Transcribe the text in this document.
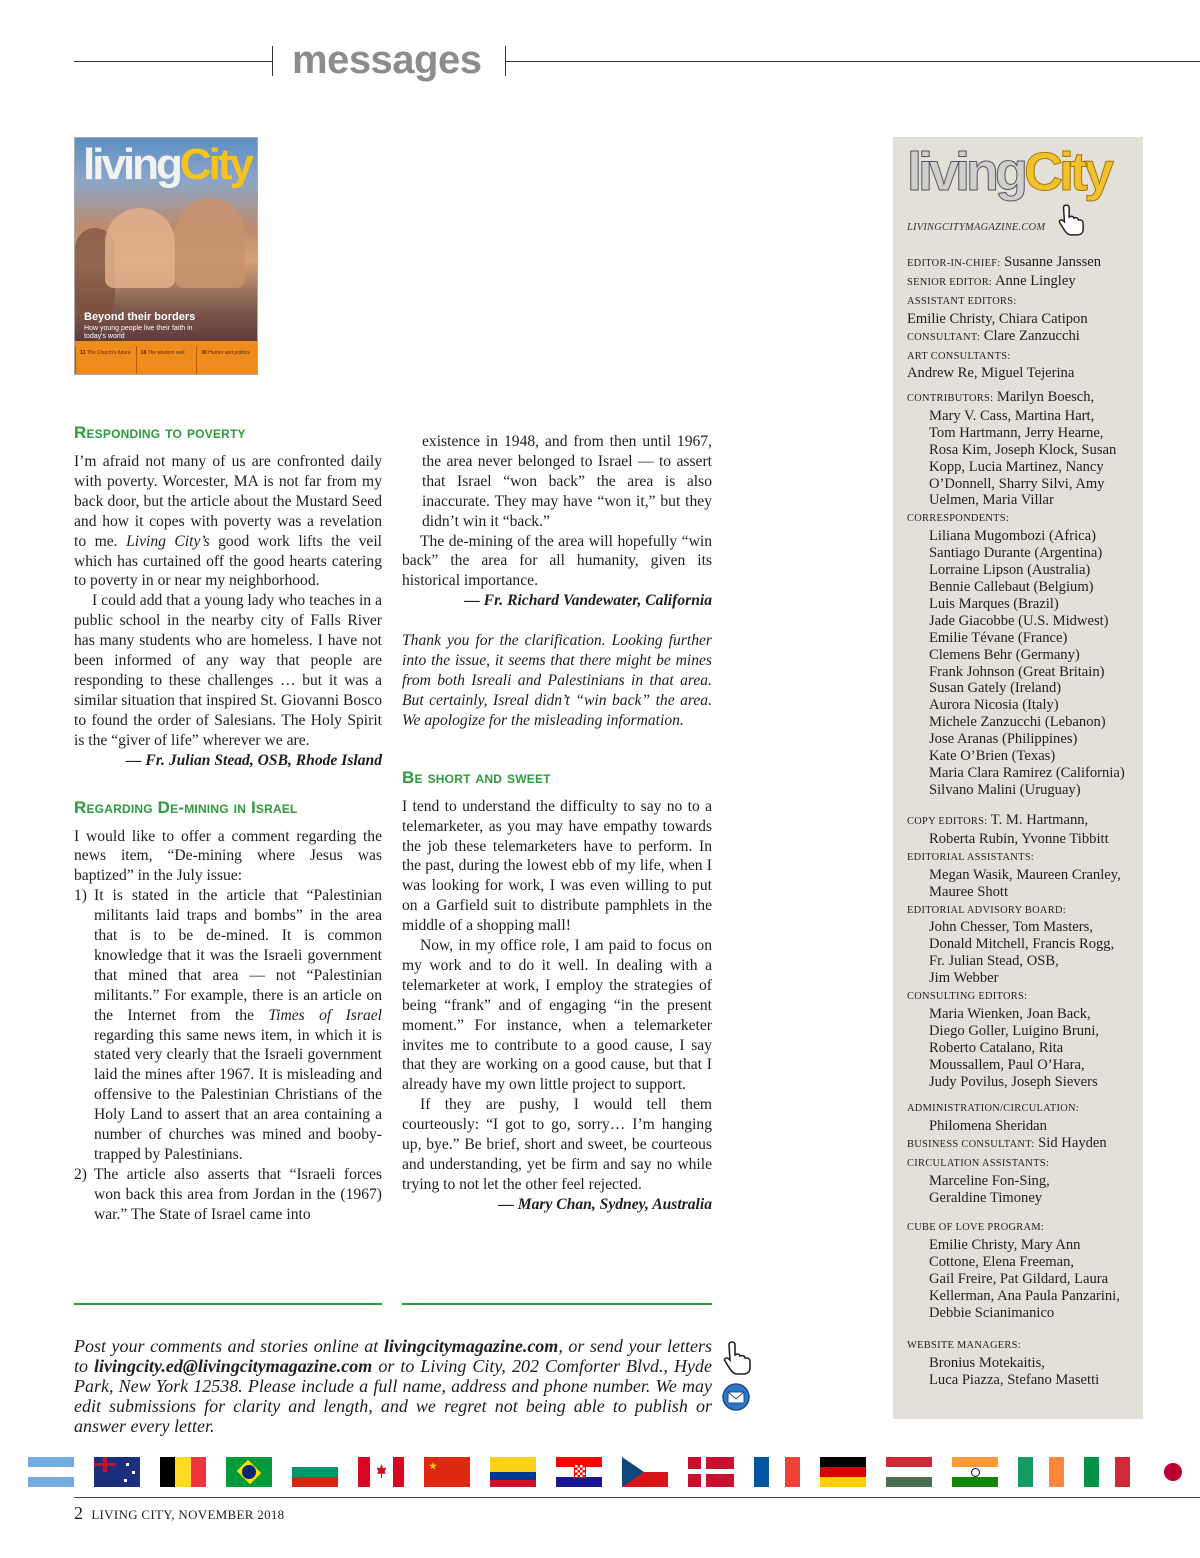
messages
livingCity
Beyond their borders
How young people live their faith in today's world
13 The Church's future	18 The wisdom well	30 Humor and politics
Responding to poverty

I’m afraid not many of us are confronted daily with poverty. Worcester, MA is not far from my back door, but the article about the Mustard Seed and how it copes with poverty was a revelation to me. Living City’s good work lifts the veil which has curtained off the good hearts catering to poverty in or near my neighborhood.

I could add that a young lady who teaches in a public school in the nearby city of Falls River has many students who are homeless. I have not been informed of any way that people are responding to these challenges … but it was a similar situation that inspired St. Giovanni Bosco to found the order of Salesians. The Holy Spirit is the “giver of life” wherever we are.

— Fr. Julian Stead, OSB, Rhode Island

Regarding De-mining in Israel

I would like to offer a comment regarding the news item, “De-mining where Jesus was baptized” in the July issue:

1) It is stated in the article that “Palestinian militants laid traps and bombs” in the area that is to be de-mined. It is common knowledge that it was the Israeli government that mined that area — not “Palestinian militants.” For example, there is an article on the Internet from the Times of Israel regarding this same news item, in which it is stated very clearly that the Israeli government laid the mines after 1967. It is misleading and offensive to the Palestinian Christians of the Holy Land to assert that an area containing a number of churches was mined and booby-trapped by Palestinians.
2) The article also asserts that “Israeli forces won back this area from Jordan in the (1967) war.” The State of Israel came into

existence in 1948, and from then until 1967, the area never belonged to Israel — to assert that Israel “won back” the area is also inaccurate. They may have “won it,” but they didn’t win it “back.”

The de-mining of the area will hopefully “win back” the area for all humanity, given its historical importance.

— Fr. Richard Vandewater, California

Thank you for the clarification. Looking further into the issue, it seems that there might be mines from both Isreali and Palestinians in that area. But certainly, Isreal didn’t “win back” the area. We apologize for the misleading information.

Be short and sweet

I tend to understand the difficulty to say no to a telemarketer, as you may have empathy towards the job these telemarketers have to perform. In the past, during the lowest ebb of my life, when I was looking for work, I was even willing to put on a Garfield suit to distribute pamphlets in the middle of a shopping mall!

Now, in my office role, I am paid to focus on my work and to do it well. In dealing with a telemarketer at work, I employ the strategies of being “frank” and of engaging “in the present moment.” For instance, when a telemarketer invites me to contribute to a good cause, I say that they are working on a good cause, but that I already have my own little project to support.

If they are pushy, I would tell them courteously: “I got to go, sorry… I’m hanging up, bye.” Be brief, short and sweet, be courteous and understanding, yet be firm and say no while trying to not let the other feel rejected.

— Mary Chan, Sydney, Australia

Post your comments and stories online at livingcitymagazine.com, or send your letters to livingcity.ed@livingcitymagazine.com or to Living City, 202 Comforter Blvd., Hyde Park, New York 12538. Please include a full name, address and phone number. We may edit submissions for clarity and length, and we regret not being able to publish or answer every letter.
livingCity
LIVINGCITYMAGAZINE.COM
EDITOR-IN-CHIEF: Susanne Janssen
SENIOR EDITOR: Anne Lingley
ASSISTANT EDITORS:
Emilie Christy, Chiara Catipon
CONSULTANT: Clare Zanzucchi
ART CONSULTANTS:
Andrew Re, Miguel Tejerina
CONTRIBUTORS: Marilyn Boesch,
Mary V. Cass, Martina Hart,
Tom Hartmann, Jerry Hearne,
Rosa Kim, Joseph Klock, Susan
Kopp, Lucia Martinez, Nancy
O’Donnell, Sharry Silvi, Amy
Uelmen, Maria Villar
CORRESPONDENTS:
Liliana Mugombozi (Africa)
Santiago Durante (Argentina)
Lorraine Lipson (Australia)
Bennie Callebaut (Belgium)
Luis Marques (Brazil)
Jade Giacobbe (U.S. Midwest)
Emilie Tévane (France)
Clemens Behr (Germany)
Frank Johnson (Great Britain)
Susan Gately (Ireland)
Aurora Nicosia (Italy)
Michele Zanzucchi (Lebanon)
Jose Aranas (Philippines)
Kate O’Brien (Texas)
Maria Clara Ramirez (California)
Silvano Malini (Uruguay)
COPY EDITORS: T. M. Hartmann,
Roberta Rubin, Yvonne Tibbitt
EDITORIAL ASSISTANTS:
Megan Wasik, Maureen Cranley,
Mauree Shott
EDITORIAL ADVISORY BOARD:
John Chesser, Tom Masters,
Donald Mitchell, Francis Rogg,
Fr. Julian Stead, OSB,
Jim Webber
CONSULTING EDITORS:
Maria Wienken, Joan Back,
Diego Goller, Luigino Bruni,
Roberto Catalano, Rita
Moussallem, Paul O’Hara,
Judy Povilus, Joseph Sievers
ADMINISTRATION/CIRCULATION:
Philomena Sheridan
BUSINESS CONSULTANT: Sid Hayden
CIRCULATION ASSISTANTS:
Marceline Fon-Sing,
Geraldine Timoney
CUBE OF LOVE PROGRAM:
Emilie Christy, Mary Ann
Cottone, Elena Freeman,
Gail Freire, Pat Gildard, Laura
Kellerman, Ana Paula Panzarini,
Debbie Scianimanico
WEBSITE MANAGERS:
Bronius Motekaitis,
Luca Piazza, Stefano Masetti
2 LIVING CITY, NOVEMBER 2018
